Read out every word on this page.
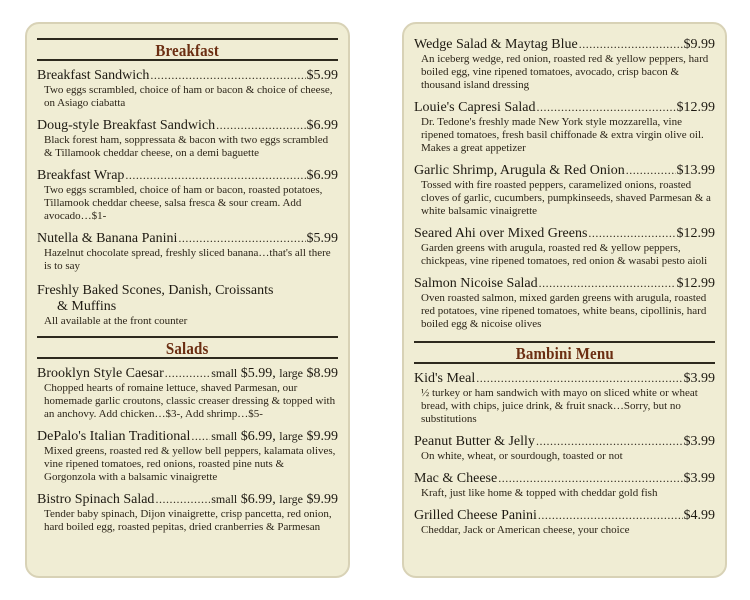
Breakfast
Breakfast Sandwich .....	$5.99
Two eggs scrambled, choice of ham or bacon & choice of cheese, on Asiago ciabatta
Doug-style Breakfast Sandwich .....	$6.99
Black forest ham, soppressata & bacon with two eggs scrambled & Tillamook cheddar cheese, on a demi baguette
Breakfast Wrap .....	$6.99
Two eggs scrambled, choice of ham or bacon, roasted potatoes, Tillamook cheddar cheese, salsa fresca & sour cream. Add avocado…$1-
Nutella & Banana Panini .....	$5.99
Hazelnut chocolate spread, freshly sliced banana…that's all there is to say
Freshly Baked Scones, Danish, Croissants
& Muffins
All available at the front counter
Salads
Brooklyn Style Caesar .....	small $5.99, large $8.99
Chopped hearts of romaine lettuce, shaved Parmesan, our homemade garlic croutons, classic creaser dressing & topped with an anchovy. Add chicken…$3-, Add shrimp…$5-
DePalo's Italian Traditional ..... small $6.99, large $9.99
Mixed greens, roasted red & yellow bell peppers, kalamata olives, vine ripened tomatoes, red onions, roasted pine nuts & Gorgonzola with a balsamic vinaigrette
Bistro Spinach Salad .....	small $6.99, large $9.99
Tender baby spinach, Dijon vinaigrette, crisp pancetta, red onion, hard boiled egg, roasted pepitas, dried cranberries & Parmesan
Wedge Salad & Maytag Blue .....	$9.99
An iceberg wedge, red onion, roasted red & yellow peppers, hard boiled egg, vine ripened tomatoes, avocado, crisp bacon & thousand island dressing
Louie's Capresi Salad .....	$12.99
Dr. Tedone's freshly made New York style mozzarella, vine ripened tomatoes, fresh basil chiffonade & extra virgin olive oil. Makes a great appetizer
Garlic Shrimp, Arugula & Red Onion .....	$13.99
Tossed with fire roasted peppers, caramelized onions, roasted cloves of garlic, cucumbers, pumpkinseeds, shaved Parmesan & a white balsamic vinaigrette
Seared Ahi over Mixed Greens .....	$12.99
Garden greens with arugula, roasted red & yellow peppers, chickpeas, vine ripened tomatoes, red onion & wasabi pesto aioli
Salmon Nicoise Salad .....	$12.99
Oven roasted salmon, mixed garden greens with arugula, roasted red potatoes, vine ripened tomatoes, white beans, cipollinis, hard boiled egg & nicoise olives
Bambini Menu
Kid's Meal .....	$3.99
½ turkey or ham sandwich with mayo on sliced white or wheat bread, with chips, juice drink, & fruit snack…Sorry, but no substitutions
Peanut Butter & Jelly .....	$3.99
On white, wheat, or sourdough, toasted or not
Mac & Cheese .....	$3.99
Kraft, just like home & topped with cheddar gold fish
Grilled Cheese Panini .....	$4.99
Cheddar, Jack or American cheese, your choice
